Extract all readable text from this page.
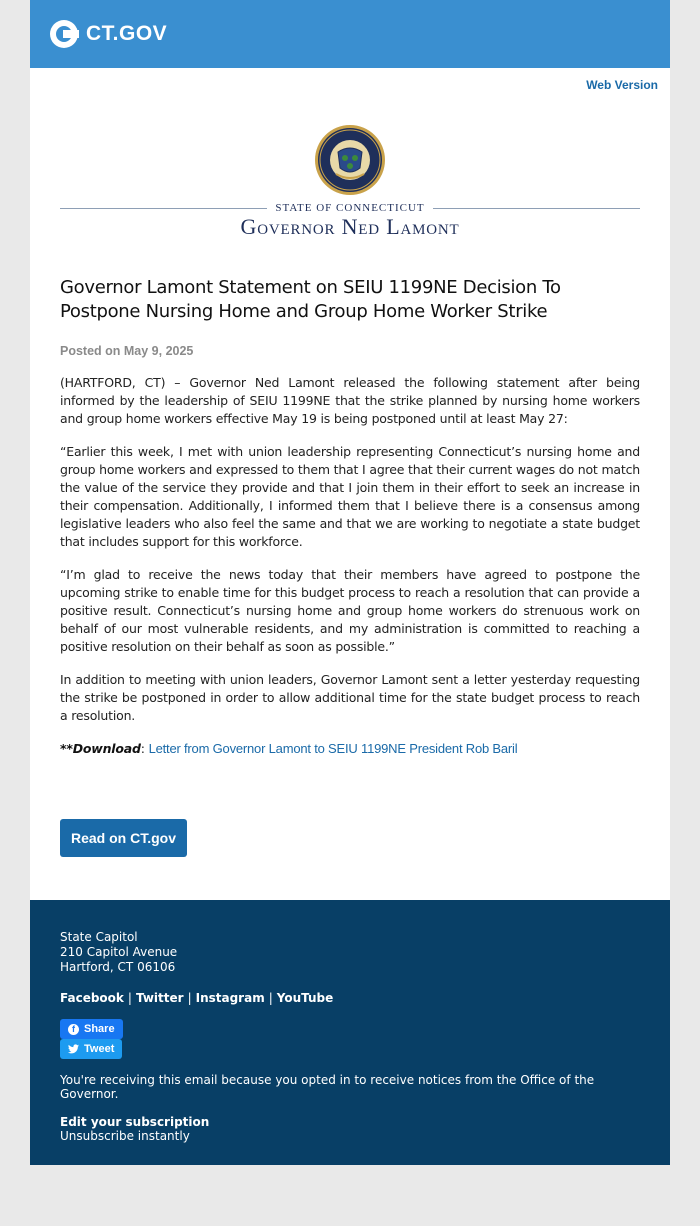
CT.GOV
Web Version
STATE OF CONNECTICUT
Governor Ned Lamont
Governor Lamont Statement on SEIU 1199NE Decision To Postpone Nursing Home and Group Home Worker Strike
Posted on May 9, 2025

(HARTFORD, CT) – Governor Ned Lamont released the following statement after being informed by the leadership of SEIU 1199NE that the strike planned by nursing home workers and group home workers effective May 19 is being postponed until at least May 27:

“Earlier this week, I met with union leadership representing Connecticut’s nursing home and group home workers and expressed to them that I agree that their current wages do not match the value of the service they provide and that I join them in their effort to seek an increase in their compensation. Additionally, I informed them that I believe there is a consensus among legislative leaders who also feel the same and that we are working to negotiate a state budget that includes support for this workforce.

“I’m glad to receive the news today that their members have agreed to postpone the upcoming strike to enable time for this budget process to reach a resolution that can provide a positive result. Connecticut’s nursing home and group home workers do strenuous work on behalf of our most vulnerable residents, and my administration is committed to reaching a positive resolution on their behalf as soon as possible.”

In addition to meeting with union leaders, Governor Lamont sent a letter yesterday requesting the strike be postponed in order to allow additional time for the state budget process to reach a resolution.

**Download: Letter from Governor Lamont to SEIU 1199NE President Rob Baril
Read on CT.gov
State Capitol
210 Capitol Avenue
Hartford, CT 06106
Facebook | Twitter | Instagram | YouTube
f Share
Tweet
You're receiving this email because you opted in to receive notices from the Office of the Governor.
Edit your subscription
Unsubscribe instantly
